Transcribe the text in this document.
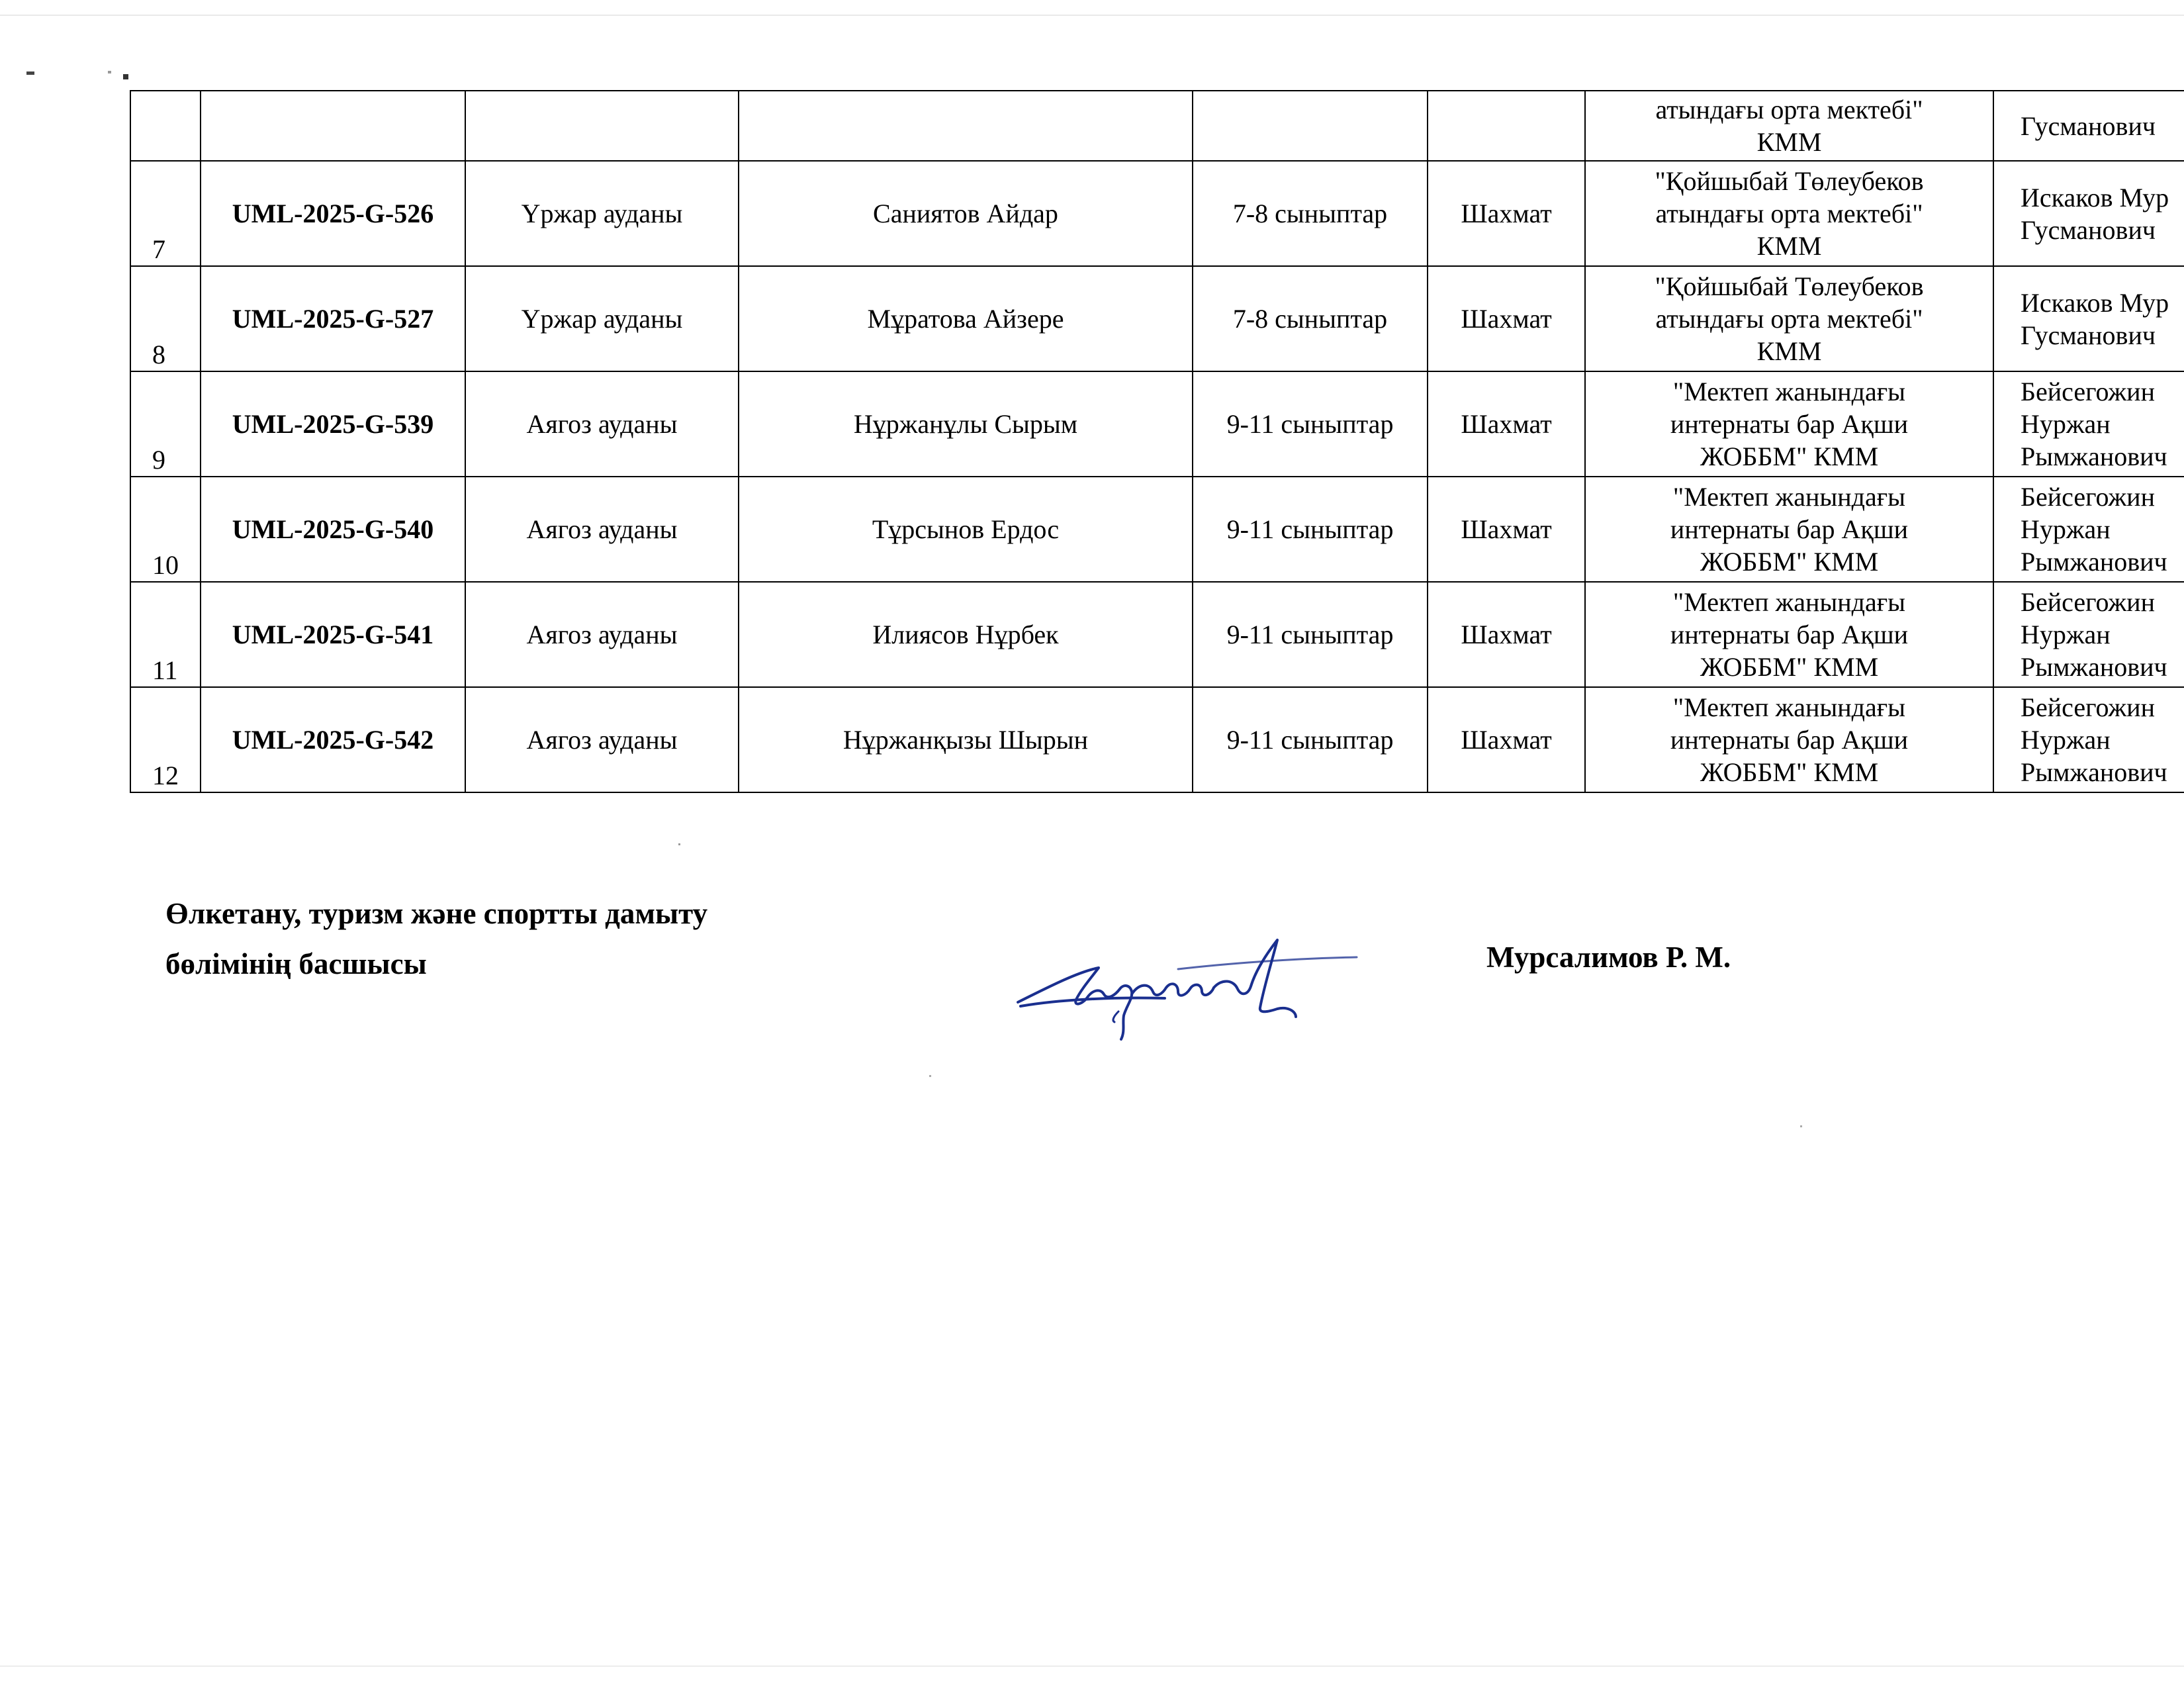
						атындағы орта мектебі"
КММ	Гусманович

7	UML-2025-G-526	Үржар ауданы	Саниятов Айдар	7-8 сыныптар	Шахмат	"Қойшыбай Төлеубеков
атындағы орта мектебі"
КММ	Искаков Мур
Гусманович

8	UML-2025-G-527	Үржар ауданы	Мұратова Айзере	7-8 сыныптар	Шахмат	"Қойшыбай Төлеубеков
атындағы орта мектебі"
КММ	Искаков Мур
Гусманович

9	UML-2025-G-539	Аягоз ауданы	Нұржанұлы Сырым	9-11 сыныптар	Шахмат	"Мектеп жанындағы
интернаты бар Ақши
ЖОББМ" КММ	Бейсегожин
Нуржан
Рымжанович

10	UML-2025-G-540	Аягоз ауданы	Тұрсынов Ердос	9-11 сыныптар	Шахмат	"Мектеп жанындағы
интернаты бар Ақши
ЖОББМ" КММ	Бейсегожин
Нуржан
Рымжанович

11	UML-2025-G-541	Аягоз ауданы	Илиясов Нұрбек	9-11 сыныптар	Шахмат	"Мектеп жанындағы
интернаты бар Ақши
ЖОББМ" КММ	Бейсегожин
Нуржан
Рымжанович

12	UML-2025-G-542	Аягоз ауданы	Нұржанқызы Шырын	9-11 сыныптар	Шахмат	"Мектеп жанындағы
интернаты бар Ақши
ЖОББМ" КММ	Бейсегожин
Нуржан
Рымжанович
Өлкетану, туризм және спортты дамыту
бөлімінің басшысы	Мурсалимов Р. М.
